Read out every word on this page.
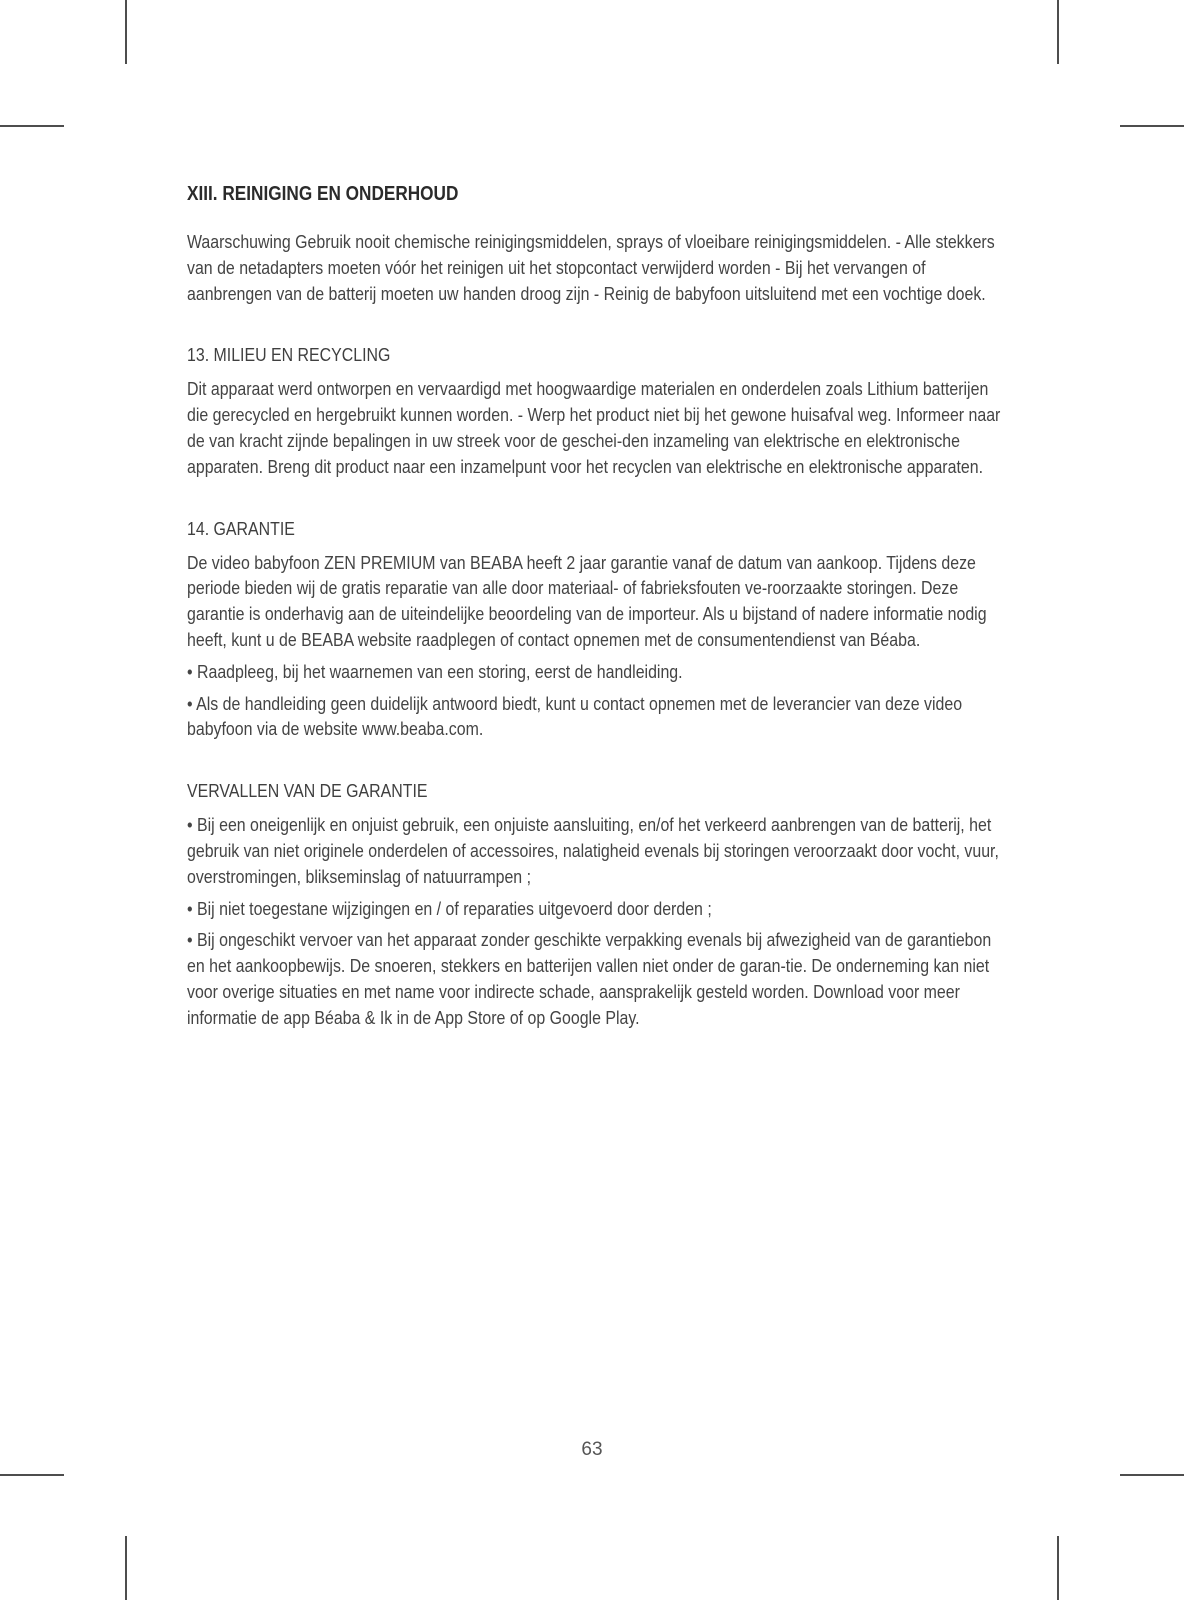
XIII. REINIGING EN ONDERHOUD

Waarschuwing Gebruik nooit chemische reinigingsmiddelen, sprays of vloeibare reinigingsmiddelen. - Alle stekkers van de netadapters moeten vóór het reinigen uit het stopcontact verwijderd worden - Bij het vervangen of aanbrengen van de batterij moeten uw handen droog zijn - Reinig de babyfoon uitsluitend met een vochtige doek.

13. MILIEU EN RECYCLING

Dit apparaat werd ontworpen en vervaardigd met hoogwaardige materialen en onderdelen zoals Lithium batterijen die gerecycled en hergebruikt kunnen worden. - Werp het product niet bij het gewone huisafval weg. Informeer naar de van kracht zijnde bepalingen in uw streek voor de geschei-den inzameling van elektrische en elektronische apparaten. Breng dit product naar een inzamelpunt voor het recyclen van elektrische en elektronische apparaten.

14. GARANTIE

De video babyfoon ZEN PREMIUM van BEABA heeft 2 jaar garantie vanaf de datum van aankoop. Tijdens deze periode bieden wij de gratis reparatie van alle door materiaal- of fabrieksfouten ve-roorzaakte storingen. Deze garantie is onderhavig aan de uiteindelijke beoordeling van de importeur. Als u bijstand of nadere informatie nodig heeft, kunt u de BEABA website raadplegen of contact opnemen met de consumentendienst van Béaba.

• Raadpleeg, bij het waarnemen van een storing, eerst de handleiding.

• Als de handleiding geen duidelijk antwoord biedt, kunt u contact opnemen met de leverancier van deze video babyfoon via de website www.beaba.com.

VERVALLEN VAN DE GARANTIE

• Bij een oneigenlijk en onjuist gebruik, een onjuiste aansluiting, en/of het verkeerd aanbrengen van de batterij, het gebruik van niet originele onderdelen of accessoires, nalatigheid evenals bij storingen veroorzaakt door vocht, vuur, overstromingen, blikseminslag of natuurrampen ;

• Bij niet toegestane wijzigingen en / of reparaties uitgevoerd door derden ;

• Bij ongeschikt vervoer van het apparaat zonder geschikte verpakking evenals bij afwezigheid van de garantiebon en het aankoopbewijs. De snoeren, stekkers en batterijen vallen niet onder de garan-tie. De onderneming kan niet voor overige situaties en met name voor indirecte schade, aansprakelijk gesteld worden. Download voor meer informatie de app Béaba & Ik in de App Store of op Google Play.

63
